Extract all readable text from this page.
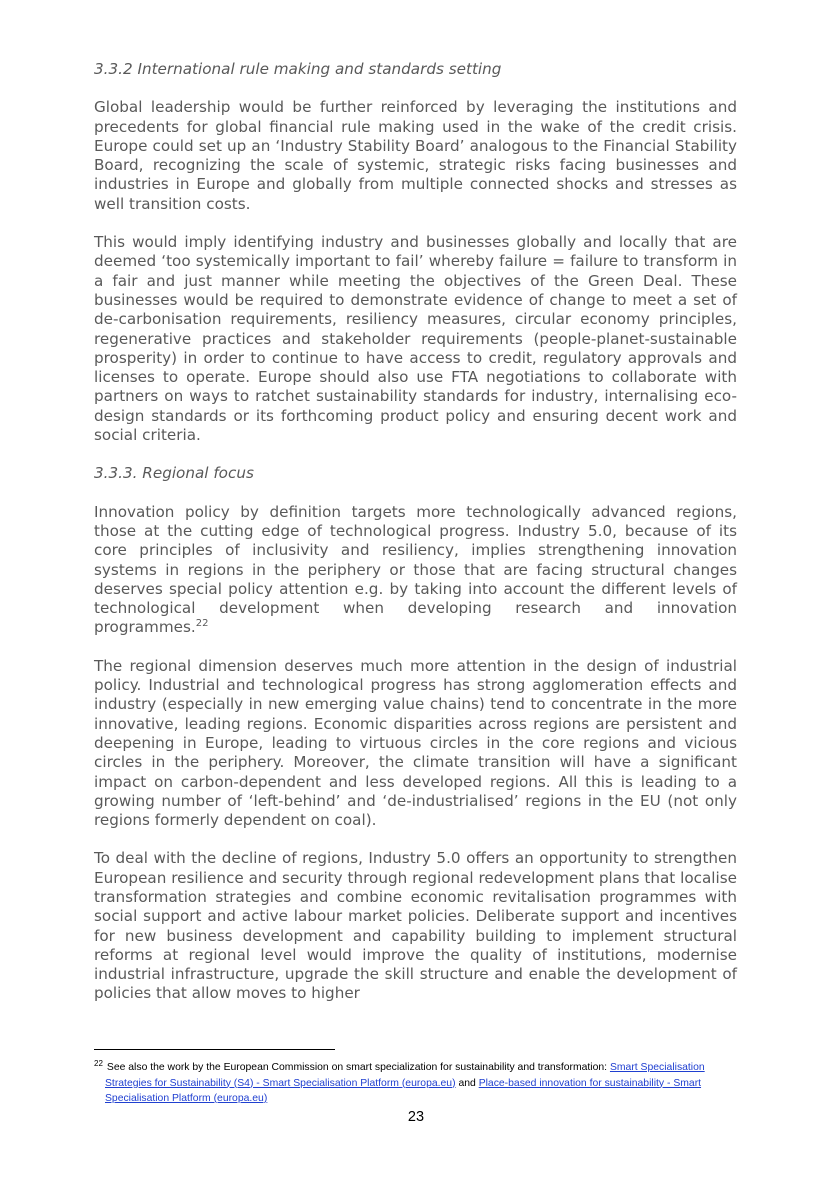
3.3.2 International rule making and standards setting

Global leadership would be further reinforced by leveraging the institutions and precedents for global financial rule making used in the wake of the credit crisis. Europe could set up an ‘Industry Stability Board’ analogous to the Financial Stability Board, recognizing the scale of systemic, strategic risks facing businesses and industries in Europe and globally from multiple connected shocks and stresses as well transition costs.

This would imply identifying industry and businesses globally and locally that are deemed ‘too systemically important to fail’ whereby failure = failure to transform in a fair and just manner while meeting the objectives of the Green Deal. These businesses would be required to demonstrate evidence of change to meet a set of de-carbonisation requirements, resiliency measures, circular economy principles, regenerative practices and stakeholder requirements (people-planet-sustainable prosperity) in order to continue to have access to credit, regulatory approvals and licenses to operate. Europe should also use FTA negotiations to collaborate with partners on ways to ratchet sustainability standards for industry, internalising eco-design standards or its forthcoming product policy and ensuring decent work and social criteria.

3.3.3. Regional focus

Innovation policy by definition targets more technologically advanced regions, those at the cutting edge of technological progress. Industry 5.0, because of its core principles of inclusivity and resiliency, implies strengthening innovation systems in regions in the periphery or those that are facing structural changes deserves special policy attention e.g. by taking into account the different levels of technological development when developing research and innovation programmes.$^{22}$

The regional dimension deserves much more attention in the design of industrial policy. Industrial and technological progress has strong agglomeration effects and industry (especially in new emerging value chains) tend to concentrate in the more innovative, leading regions. Economic disparities across regions are persistent and deepening in Europe, leading to virtuous circles in the core regions and vicious circles in the periphery. Moreover, the climate transition will have a significant impact on carbon-dependent and less developed regions. All this is leading to a growing number of ‘left-behind’ and ‘de-industrialised’ regions in the EU (not only regions formerly dependent on coal).

To deal with the decline of regions, Industry 5.0 offers an opportunity to strengthen European resilience and security through regional redevelopment plans that localise transformation strategies and combine economic revitalisation programmes with social support and active labour market policies. Deliberate support and incentives for new business development and capability building to implement structural reforms at regional level would improve the quality of institutions, modernise industrial infrastructure, upgrade the skill structure and enable the development of policies that allow moves to higher

$^{22}$ See also the work by the European Commission on smart specialization for sustainability and transformation: Smart Specialisation Strategies for Sustainability (S4) - Smart Specialisation Platform (europa.eu) and Place-based innovation for sustainability - Smart Specialisation Platform (europa.eu)
23
